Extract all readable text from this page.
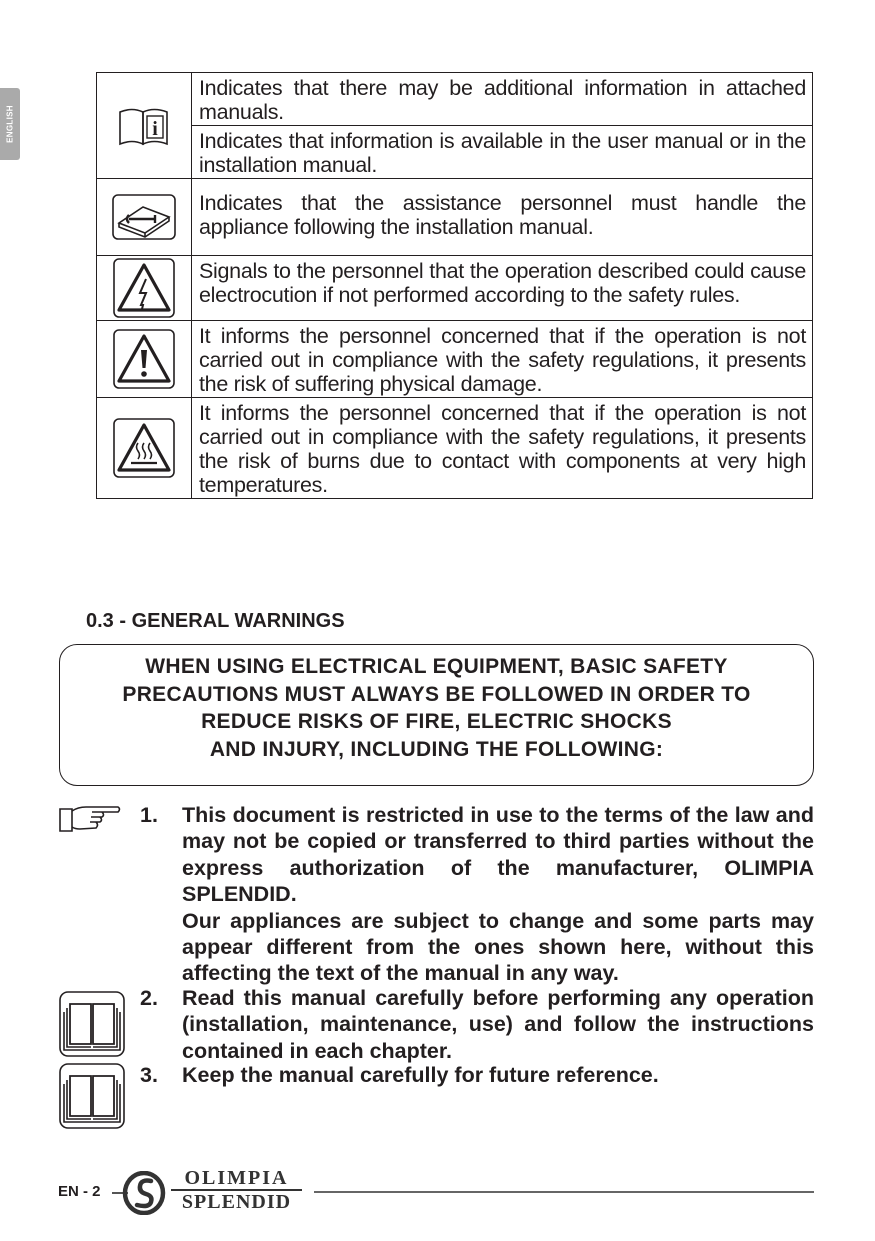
ENGLISH	i	Indicates that there may be additional information in attached manuals.
	Indicates that information is available in the user manual or in the installation manual.

	Indicates that the assistance personnel must handle the appliance following the installation manual.

	Signals to the personnel that the operation described could cause electrocution if not performed according to the safety rules.

	It informs the personnel concerned that if the operation is not carried out in compliance with the safety regulations, it presents the risk of suffering physical damage.

	It informs the personnel concerned that if the operation is not carried out in compliance with the safety regulations, it presents the risk of burns due to contact with components at very high temperatures.
0.3 - GENERAL WARNINGS
WHEN USING ELECTRICAL EQUIPMENT, BASIC SAFETY
PRECAUTIONS MUST ALWAYS BE FOLLOWED IN ORDER TO
REDUCE RISKS OF FIRE, ELECTRIC SHOCKS
AND INJURY, INCLUDING THE FOLLOWING:
1.	This document is restricted in use to the terms of the law and may not be copied or transferred to third parties without the express authorization of the manufacturer, OLIMPIA SPLENDID.

Our appliances are subject to change and some parts may appear different from the ones shown here, without this affecting the text of the manual in any way.

2.	Read this manual carefully before performing any operation (installation, maintenance, use) and follow the instructions contained in each chapter.

3.	Keep the manual carefully for future reference.

EN - 2
OLIMPIA
SPLENDID
